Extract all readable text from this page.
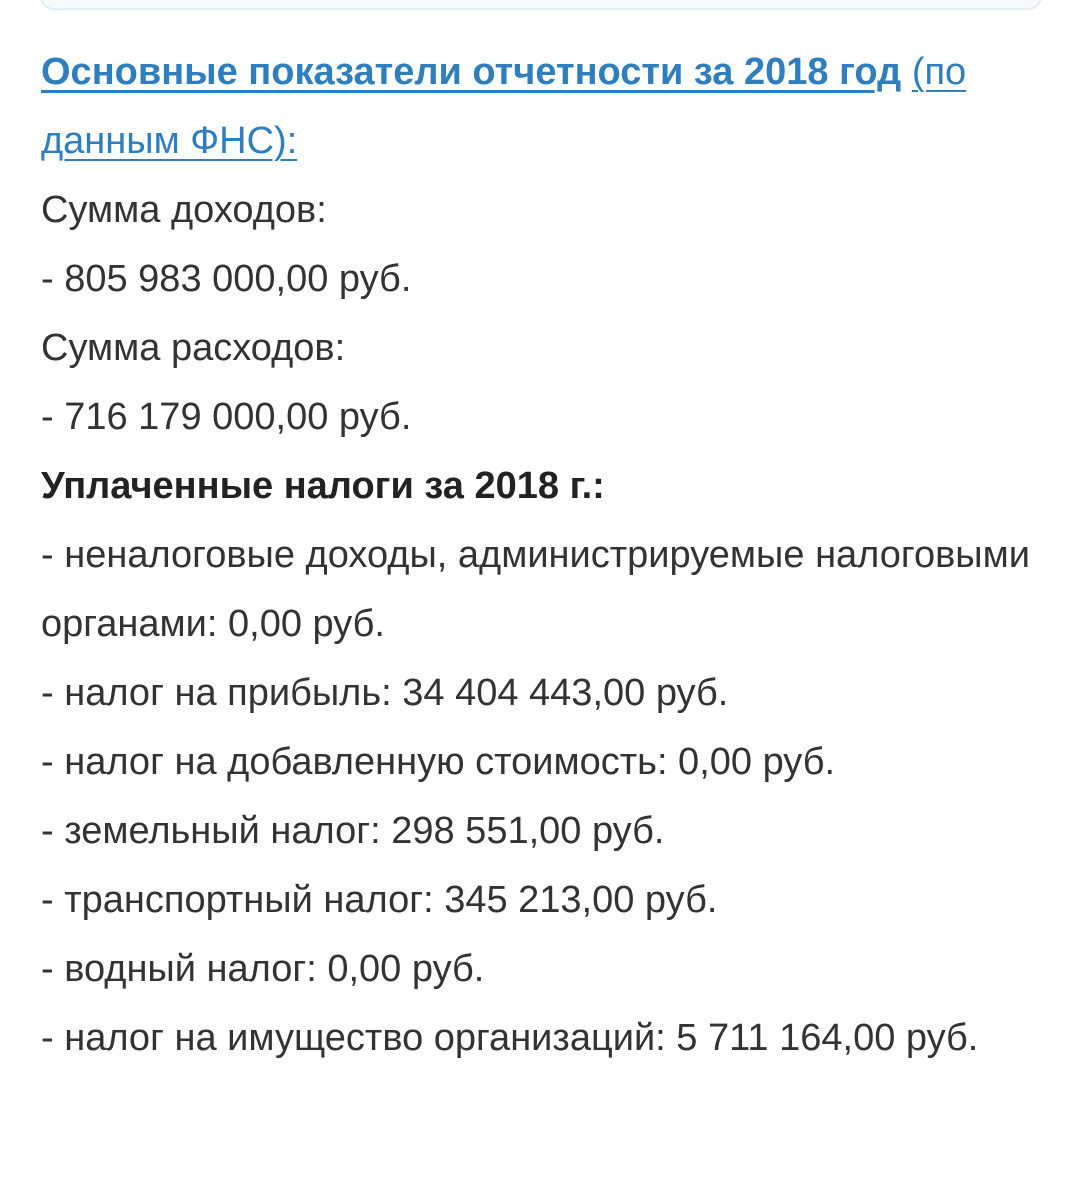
Основные показатели отчетности за 2018 год (по данным ФНС):
Сумма доходов:
- 805 983 000,00 руб.
Сумма расходов:
- 716 179 000,00 руб.
Уплаченные налоги за 2018 г.:
- неналоговые доходы, администрируемые налоговыми органами: 0,00 руб.
- налог на прибыль: 34 404 443,00 руб.
- налог на добавленную стоимость: 0,00 руб.
- земельный налог: 298 551,00 руб.
- транспортный налог: 345 213,00 руб.
- водный налог: 0,00 руб.
- налог на имущество организаций: 5 711 164,00 руб.
